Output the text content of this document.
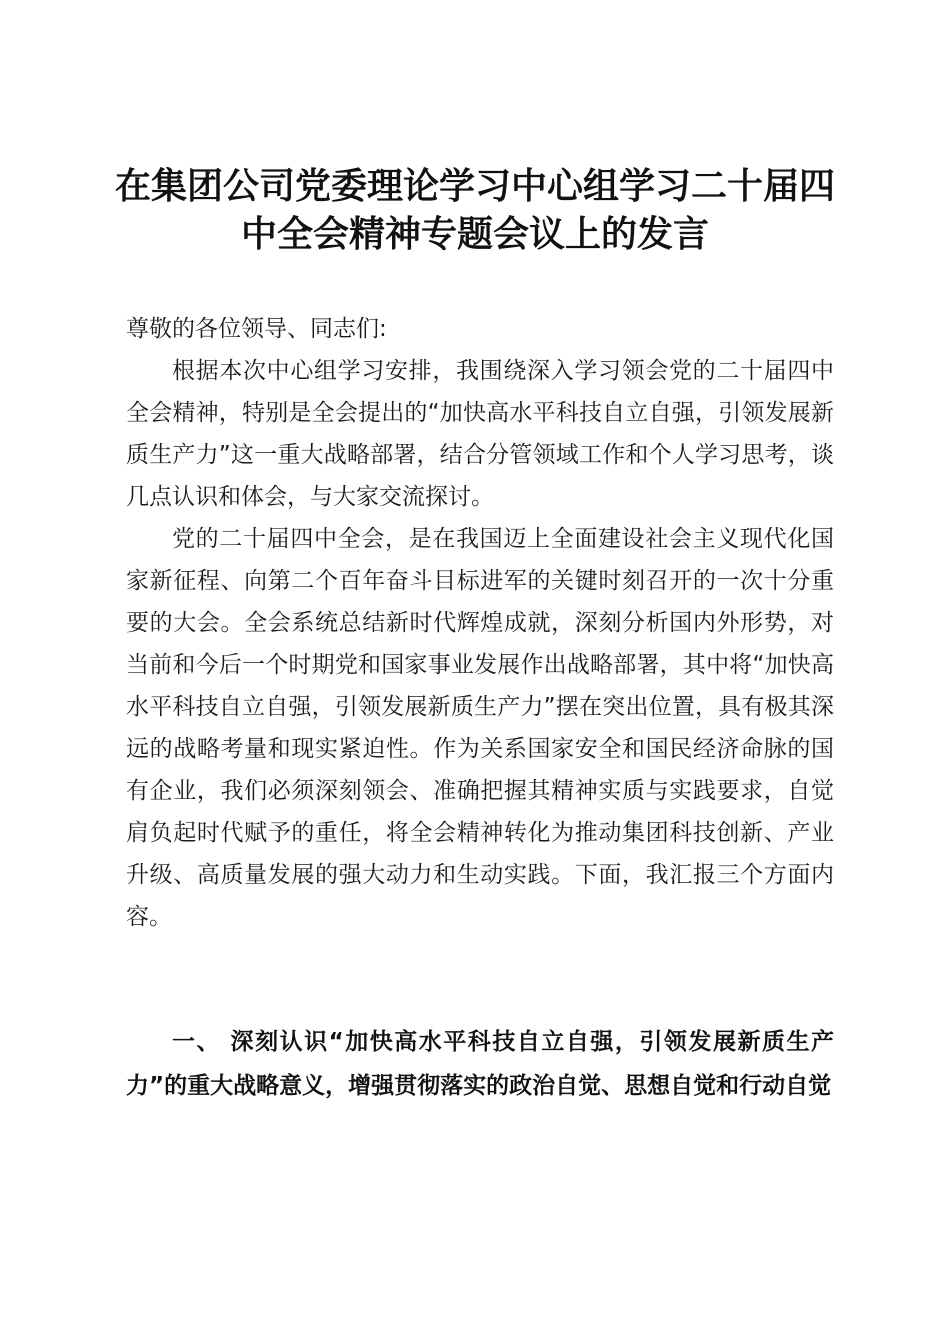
在集团公司党委理论学习中心组学习二十届四
中全会精神专题会议上的发言

尊敬的各位领导、同志们:

根据本次中心组学习安排，我围绕深入学习领会党的二十届四中全会精神，特别是全会提出的“加快高水平科技自立自强，引领发展新质生产力”这一重大战略部署，结合分管领域工作和个人学习思考，谈几点认识和体会，与大家交流探讨。

党的二十届四中全会，是在我国迈上全面建设社会主义现代化国家新征程、向第二个百年奋斗目标进军的关键时刻召开的一次十分重要的大会。全会系统总结新时代辉煌成就，深刻分析国内外形势，对当前和今后一个时期党和国家事业发展作出战略部署，其中将“加快高水平科技自立自强，引领发展新质生产力”摆在突出位置，具有极其深远的战略考量和现实紧迫性。作为关系国家安全和国民经济命脉的国有企业，我们必须深刻领会、准确把握其精神实质与实践要求，自觉肩负起时代赋予的重任，将全会精神转化为推动集团科技创新、产业升级、高质量发展的强大动力和生动实践。下面，我汇报三个方面内容。

一、 深刻认识“加快高水平科技自立自强，引领发展新质生产力”的重大战略意义，增强贯彻落实的政治自觉、思想自觉和行动自觉
